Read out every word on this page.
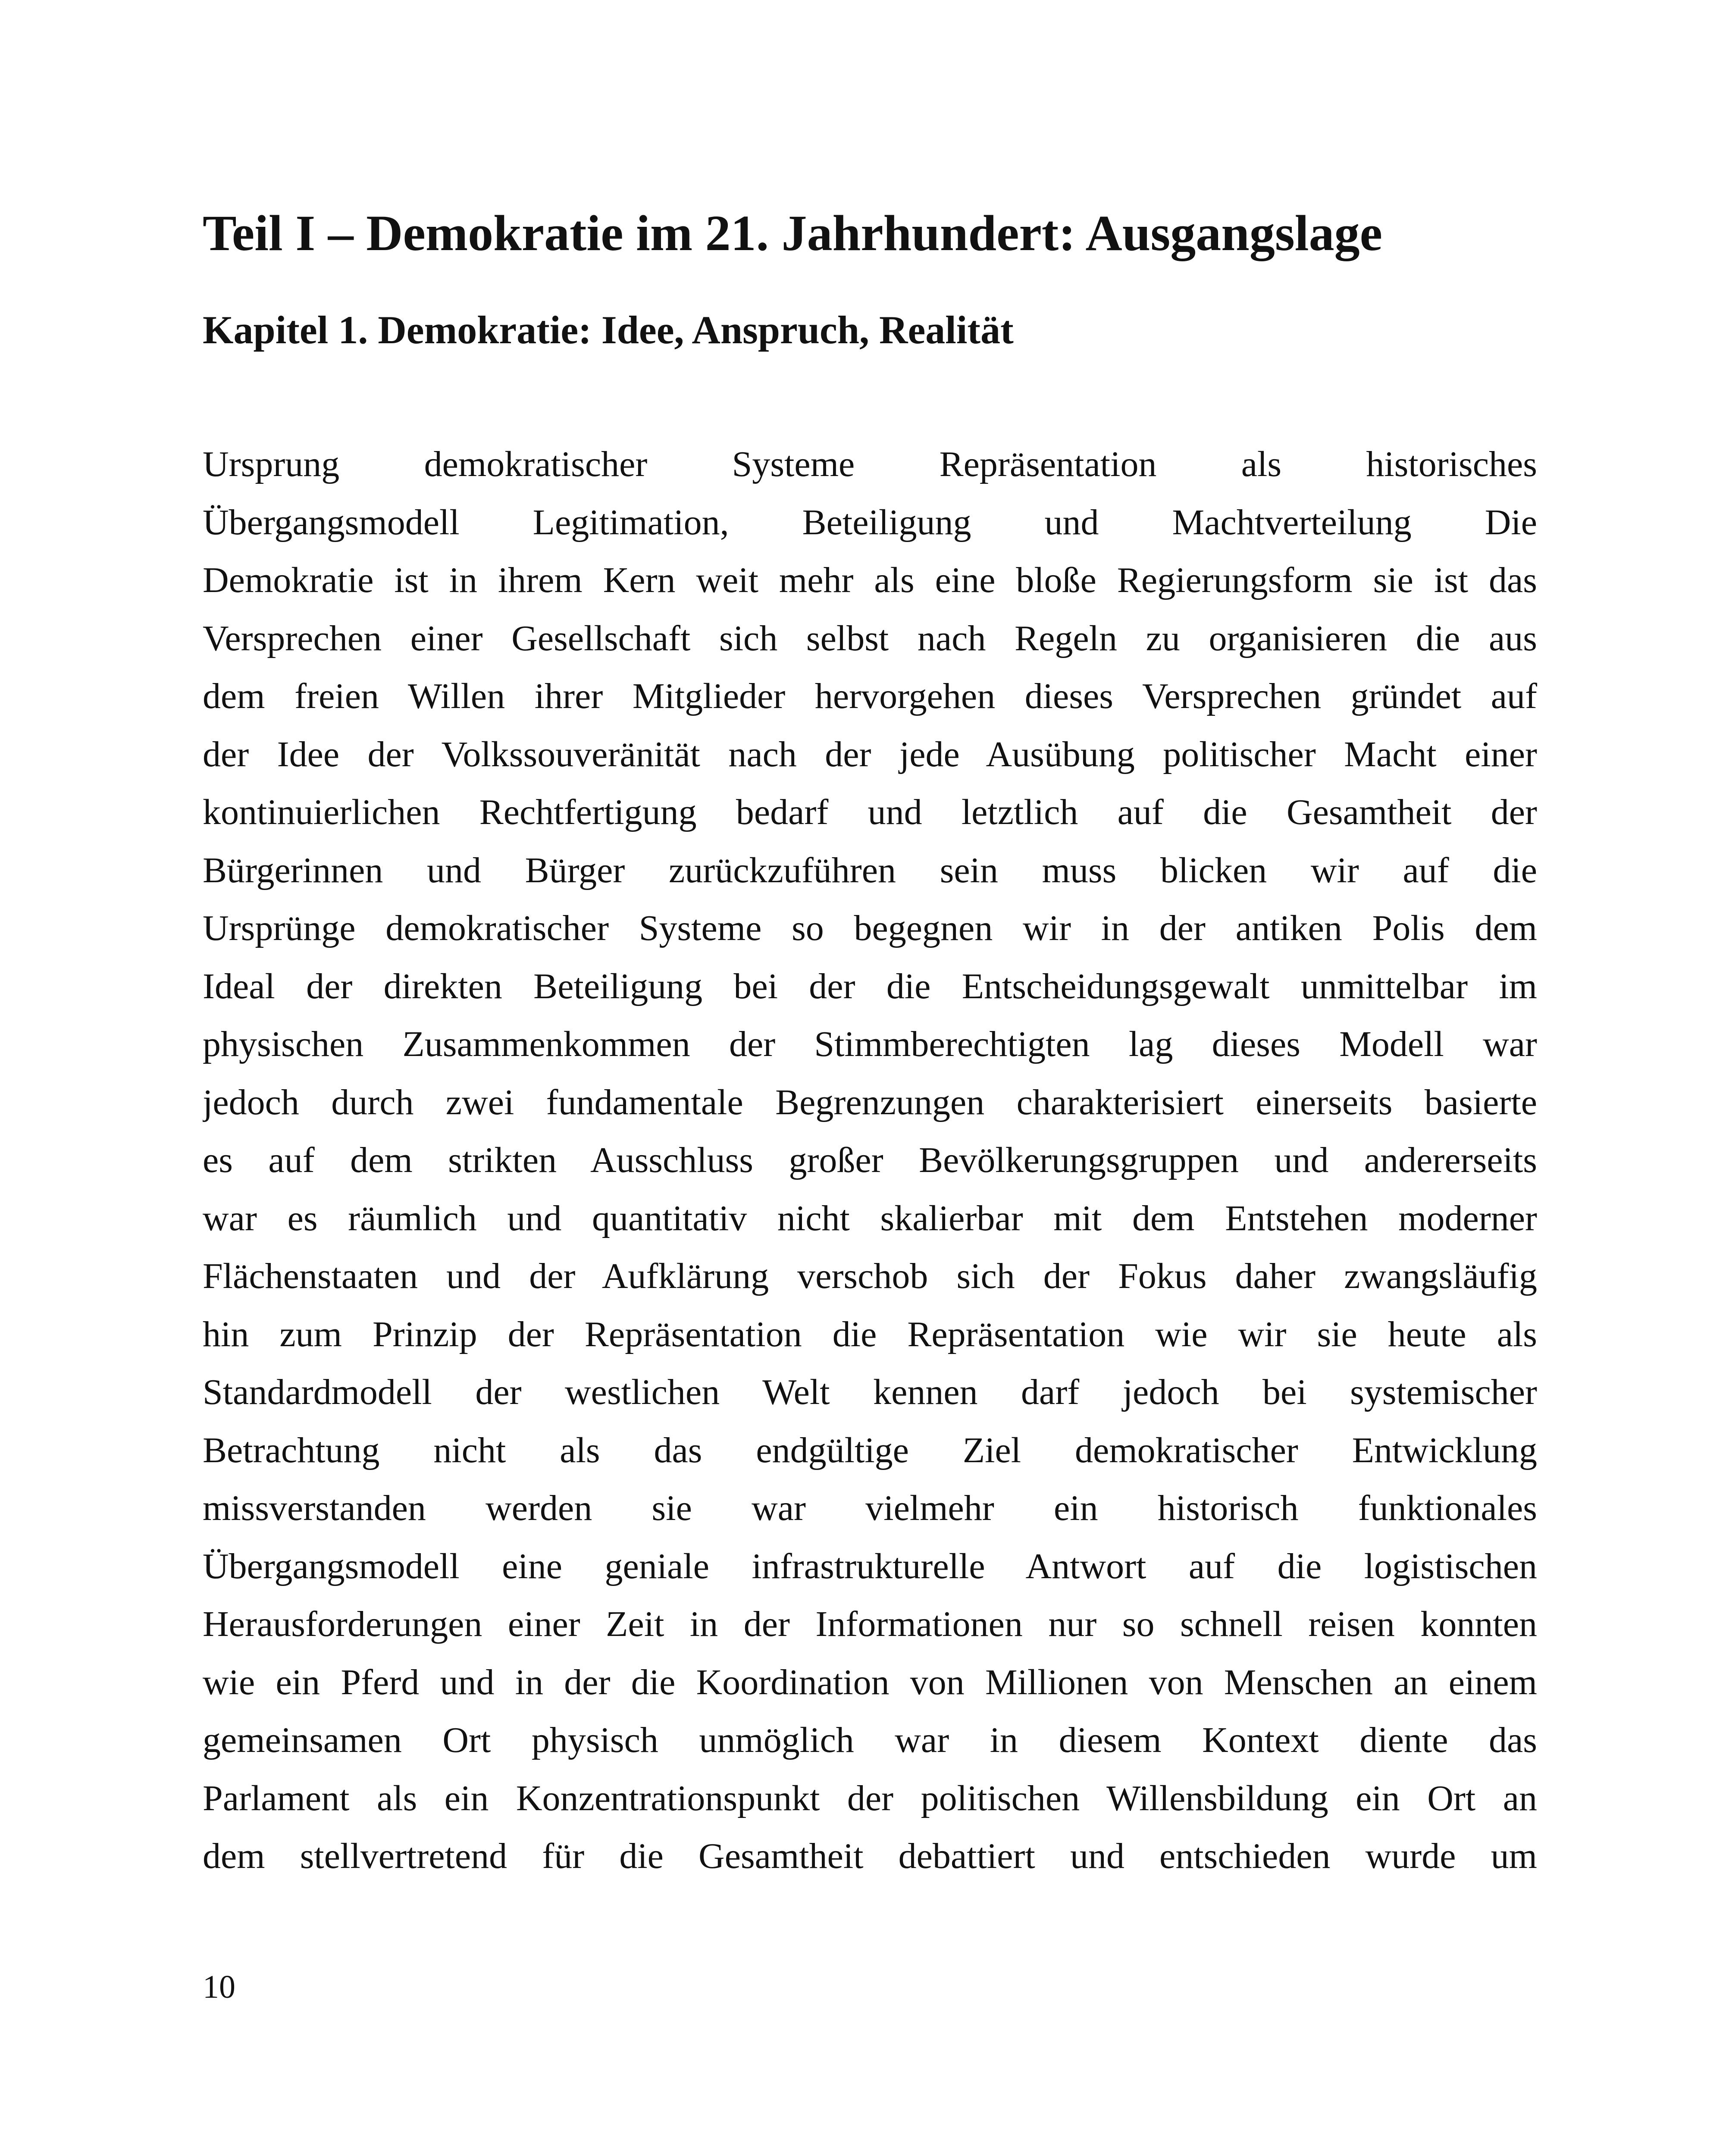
Teil I – Demokratie im 21. Jahrhundert: Ausgangslage
Kapitel 1. Demokratie: Idee, Anspruch, Realität
Ursprung demokratischer Systeme Repräsentation als historisches
Übergangsmodell Legitimation, Beteiligung und Machtverteilung Die
Demokratie ist in ihrem Kern weit mehr als eine bloße Regierungsform sie ist das
Versprechen einer Gesellschaft sich selbst nach Regeln zu organisieren die aus
dem freien Willen ihrer Mitglieder hervorgehen dieses Versprechen gründet auf
der Idee der Volkssouveränität nach der jede Ausübung politischer Macht einer
kontinuierlichen Rechtfertigung bedarf und letztlich auf die Gesamtheit der
Bürgerinnen und Bürger zurückzuführen sein muss blicken wir auf die
Ursprünge demokratischer Systeme so begegnen wir in der antiken Polis dem
Ideal der direkten Beteiligung bei der die Entscheidungsgewalt unmittelbar im
physischen Zusammenkommen der Stimmberechtigten lag dieses Modell war
jedoch durch zwei fundamentale Begrenzungen charakterisiert einerseits basierte
es auf dem strikten Ausschluss großer Bevölkerungsgruppen und andererseits
war es räumlich und quantitativ nicht skalierbar mit dem Entstehen moderner
Flächenstaaten und der Aufklärung verschob sich der Fokus daher zwangsläufig
hin zum Prinzip der Repräsentation die Repräsentation wie wir sie heute als
Standardmodell der westlichen Welt kennen darf jedoch bei systemischer
Betrachtung nicht als das endgültige Ziel demokratischer Entwicklung
missverstanden werden sie war vielmehr ein historisch funktionales
Übergangsmodell eine geniale infrastrukturelle Antwort auf die logistischen
Herausforderungen einer Zeit in der Informationen nur so schnell reisen konnten
wie ein Pferd und in der die Koordination von Millionen von Menschen an einem
gemeinsamen Ort physisch unmöglich war in diesem Kontext diente das
Parlament als ein Konzentrationspunkt der politischen Willensbildung ein Ort an
dem stellvertretend für die Gesamtheit debattiert und entschieden wurde um
10
